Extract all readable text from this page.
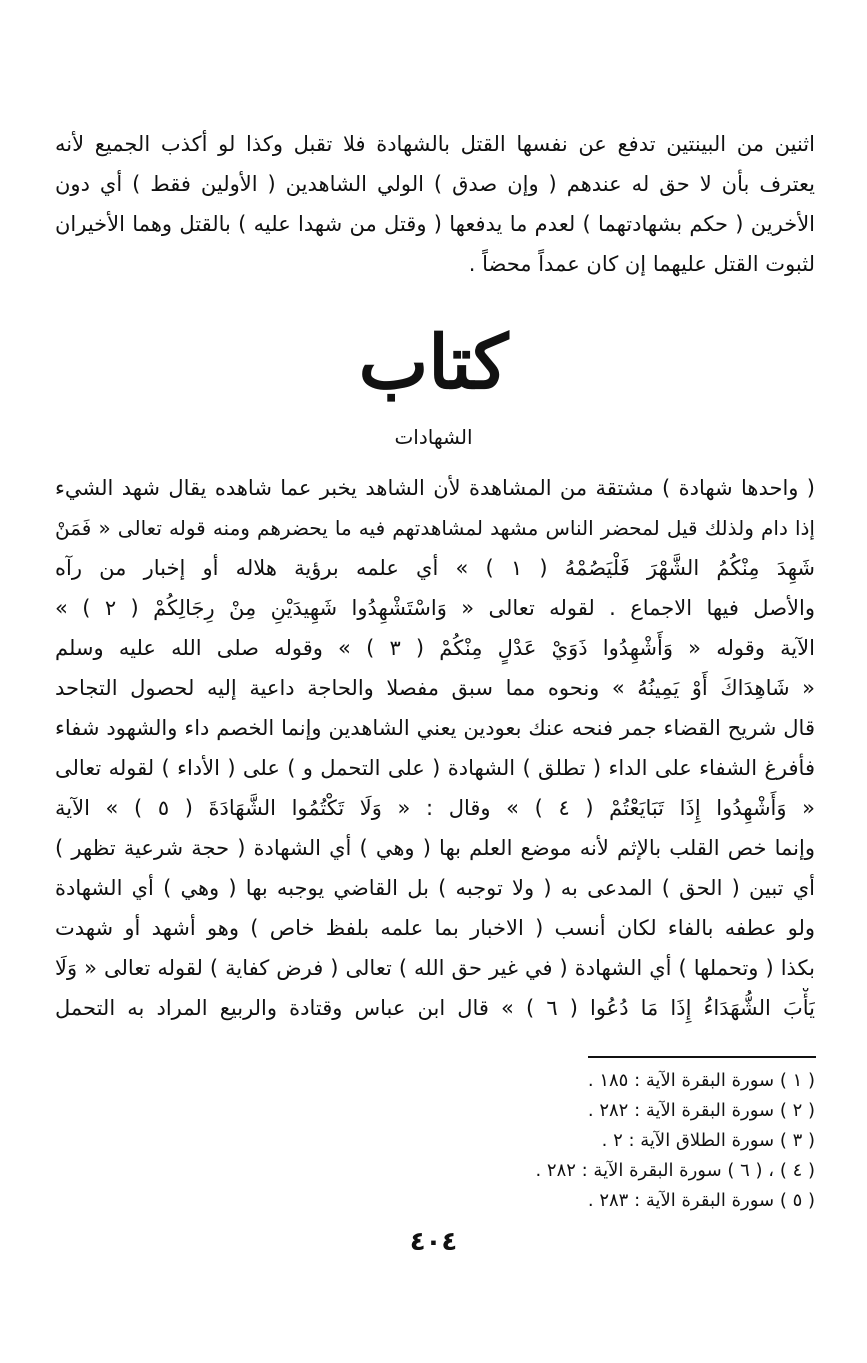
اثنين من البينتين تدفع عن نفسها القتل بالشهادة فلا تقبل وكذا لو أكذب الجميع لأنه
يعترف بأن لا حق له عندهم ( وإن صدق ) الولي الشاهدين ( الأولين فقط ) أي دون
الأخرين ( حكم بشهادتهما ) لعدم ما يدفعها ( وقتل من شهدا عليه ) بالقتل وهما الأخيران
لثبوت القتل عليهما إن كان عمداً محضاً .
كتاب
الشهادات
( واحدها شهادة ) مشتقة من المشاهدة لأن الشاهد يخبر عما شاهده يقال شهد الشيء
إذا دام ولذلك قيل لمحضر الناس مشهد لمشاهدتهم فيه ما يحضرهم ومنه قوله تعالى « فَمَنْ
شَهِدَ مِنْكُمُ الشَّهْرَ فَلْيَصُمْهُ ( ١ ) » أي علمه برؤية هلاله أو إخبار من رآه
والأصل فيها الاجماع . لقوله تعالى « وَاسْتَشْهِدُوا شَهِيدَيْنِ مِنْ رِجَالِكُمْ ( ٢ ) »
الآية وقوله « وَأَشْهِدُوا ذَوَيْ عَدْلٍ مِنْكُمْ ( ٣ ) » وقوله صلى الله عليه وسلم
« شَاهِدَاكَ أَوْ يَمِينُهُ » ونحوه مما سبق مفصلا والحاجة داعية إليه لحصول التجاحد
قال شريح القضاء جمر فنحه عنك بعودين يعني الشاهدين وإنما الخصم داء والشهود شفاء
فأفرغ الشفاء على الداء ( تطلق ) الشهادة ( على التحمل و ) على ( الأداء ) لقوله تعالى
« وَأَشْهِدُوا إِذَا تَبَايَعْتُمْ ( ٤ ) » وقال : « وَلَا تَكْتُمُوا الشَّهَادَةَ ( ٥ ) » الآية
وإنما خص القلب بالإثم لأنه موضع العلم بها ( وهي ) أي الشهادة ( حجة شرعية تظهر )
أي تبين ( الحق ) المدعى به ( ولا توجبه ) بل القاضي يوجبه بها ( وهي ) أي الشهادة
ولو عطفه بالفاء لكان أنسب ( الاخبار بما علمه بلفظ خاص ) وهو أشهد أو شهدت
بكذا ( وتحملها ) أي الشهادة ( في غير حق الله ) تعالى ( فرض كفاية ) لقوله تعالى « وَلَا
يَأْبَ الشُّهَدَاءُ إِذَا مَا دُعُوا ( ٦ ) » قال ابن عباس وقتادة والربيع المراد به التحمل
( ١ ) سورة البقرة الآية : ١٨٥ .
( ٢ ) سورة البقرة الآية : ٢٨٢ .
( ٣ ) سورة الطلاق الآية : ٢ .
( ٤ ) ، ( ٦ ) سورة البقرة الآية : ٢٨٢ .
( ٥ ) سورة البقرة الآية : ٢٨٣ .
٤٠٤
